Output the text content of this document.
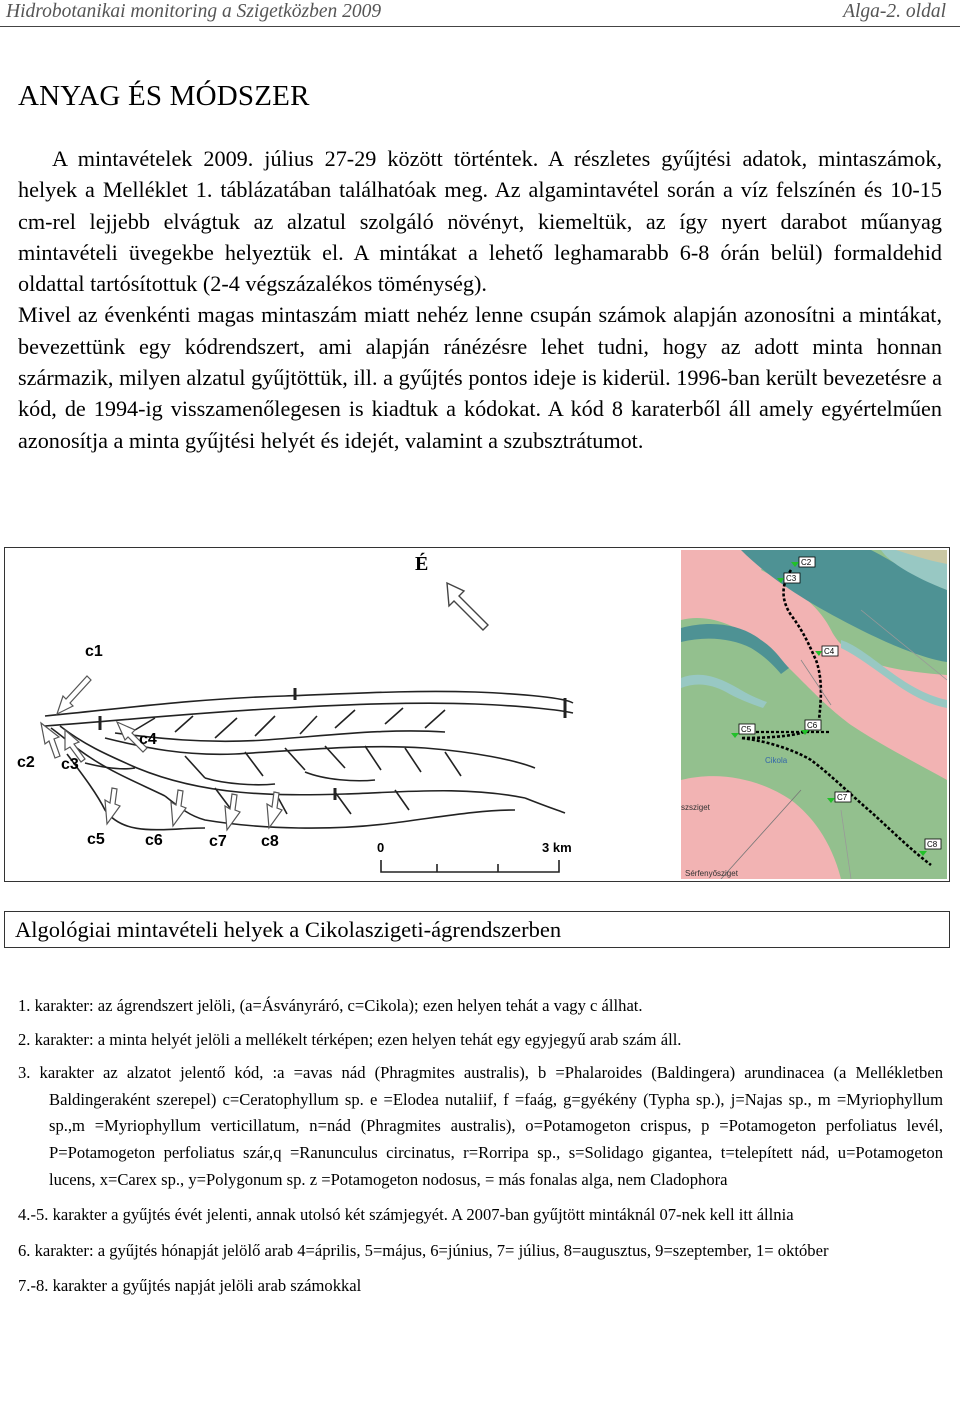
Hidrobotanikai monitoring a Szigetközben 2009	Alga-2. oldal
ANYAG ÉS MÓDSZER

A mintavételek 2009. július 27-29 között történtek. A részletes gyűjtési adatok, mintaszámok, helyek a Melléklet 1. táblázatában találhatóak meg. Az algamintavétel során a víz felszínén és 10-15 cm-rel lejjebb elvágtuk az alzatul szolgáló növényt, kiemeltük, az így nyert darabot műanyag mintavételi üvegekbe helyeztük el. A mintákat a lehető leghamarabb 6-8 órán belül) formaldehid oldattal tartósítottuk (2-4 végszázalékos töménység).

Mivel az évenkénti magas mintaszám miatt nehéz lenne csupán számok alapján azonosítni a mintákat, bevezettünk egy kódrendszert, ami alapján ránézésre lehet tudni, hogy az adott minta honnan származik, milyen alzatul gyűjtöttük, ill. a gyűjtés pontos ideje is kiderül. 1996-ban került bevezetésre a kód, de 1994-ig visszamenőlegesen is kiadtuk a kódokat. A kód 8 karaterből áll amely egyértelműen azonosítja a minta gyűjtési helyét és idejét, valamint a szubsztrátumot.

É
c1
c2 c3
c4
c5	c6	c7 c8	0	3 km
C2
C3
C4
C5	C6
C7
C8
Cikola
Sérfenyősziget
szsziget
Algológiai mintavételi helyek a Cikolaszigeti-ágrendszerben

1. karakter: az ágrendszert jelöli, (a=Ásványráró, c=Cikola); ezen helyen tehát a vagy c állhat.

2. karakter: a minta helyét jelöli a mellékelt térképen; ezen helyen tehát egy egyjegyű arab szám áll.

3. karakter az alzatot jelentő kód, :a =avas nád (Phragmites australis), b =Phalaroides (Baldingera) arundinacea (a Mellékletben Baldingeraként szerepel) c=Ceratophyllum sp. e =Elodea nutaliif, f =faág, g=gyékény (Typha sp.), j=Najas sp., m =Myriophyllum sp.,m =Myriophyllum verticillatum, n=nád (Phragmites australis), o=Potamogeton crispus, p =Potamogeton perfoliatus levél, P=Potamogeton perfoliatus szár,q =Ranunculus circinatus, r=Rorripa sp., s=Solidago gigantea, t=telepített nád, u=Potamogeton lucens, x=Carex sp., y=Polygonum sp. z =Potamogeton nodosus, = más fonalas alga, nem Cladophora

4.-5. karakter a gyűjtés évét jelenti, annak utolsó két számjegyét. A 2007-ban gyűjtött mintáknál 07-nek kell itt állnia

6. karakter: a gyűjtés hónapját jelölő arab 4=április, 5=május, 6=június, 7= július, 8=augusztus, 9=szeptember, 1= október

7.-8. karakter a gyűjtés napját jelöli arab számokkal
